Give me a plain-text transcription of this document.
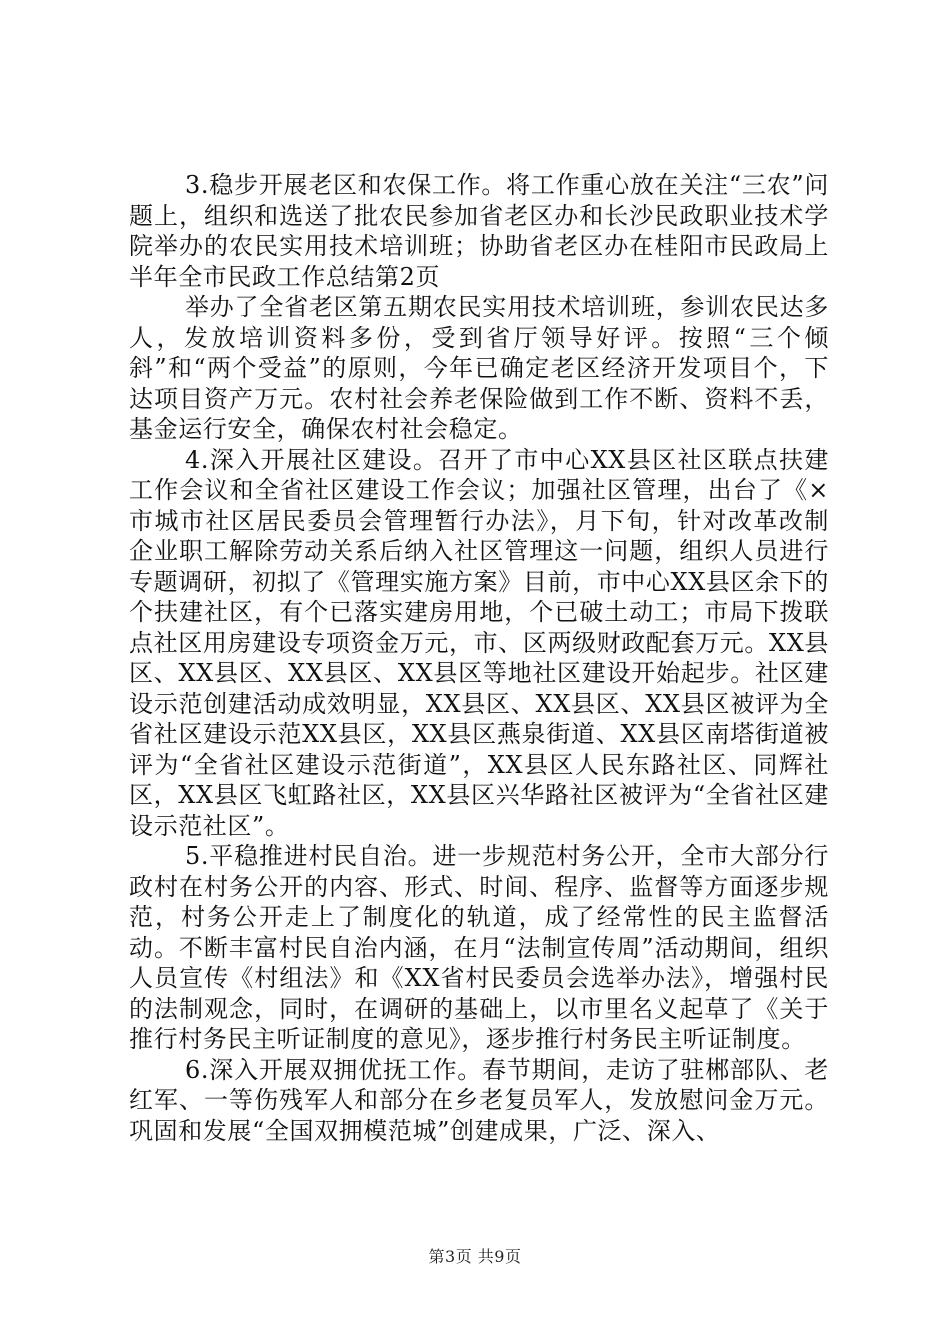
3.稳步开展老区和农保工作。将工作重心放在关注“三农”问题上，组织和选送了批农民参加省老区办和长沙民政职业技术学院举办的农民实用技术培训班；协助省老区办在桂阳市民政局上半年全市民政工作总结第2页

举办了全省老区第五期农民实用技术培训班，参训农民达多人，发放培训资料多份，受到省厅领导好评。按照“三个倾斜”和“两个受益”的原则，今年已确定老区经济开发项目个，下达项目资产万元。农村社会养老保险做到工作不断、资料不丢，基金运行安全，确保农村社会稳定。

4.深入开展社区建设。召开了市中心XX县区社区联点扶建工作会议和全省社区建设工作会议；加强社区管理，出台了《×市城市社区居民委员会管理暂行办法》，月下旬，针对改革改制企业职工解除劳动关系后纳入社区管理这一问题，组织人员进行专题调研，初拟了《管理实施方案》目前，市中心XX县区余下的个扶建社区，有个已落实建房用地，个已破土动工；市局下拨联点社区用房建设专项资金万元，市、区两级财政配套万元。XX县区、XX县区、XX县区、XX县区等地社区建设开始起步。社区建设示范创建活动成效明显，XX县区、XX县区、XX县区被评为全省社区建设示范XX县区，XX县区燕泉街道、XX县区南塔街道被评为“全省社区建设示范街道”，XX县区人民东路社区、同辉社区，XX县区飞虹路社区，XX县区兴华路社区被评为“全省社区建设示范社区”。

5.平稳推进村民自治。进一步规范村务公开，全市大部分行政村在村务公开的内容、形式、时间、程序、监督等方面逐步规范，村务公开走上了制度化的轨道，成了经常性的民主监督活动。不断丰富村民自治内涵，在月“法制宣传周”活动期间，组织人员宣传《村组法》和《XX省村民委员会选举办法》，增强村民的法制观念，同时，在调研的基础上，以市里名义起草了《关于推行村务民主听证制度的意见》，逐步推行村务民主听证制度。

6.深入开展双拥优抚工作。春节期间，走访了驻郴部队、老红军、一等伤残军人和部分在乡老复员军人，发放慰问金万元。巩固和发展“全国双拥模范城”创建成果，广泛、深入、

第3页 共9页
